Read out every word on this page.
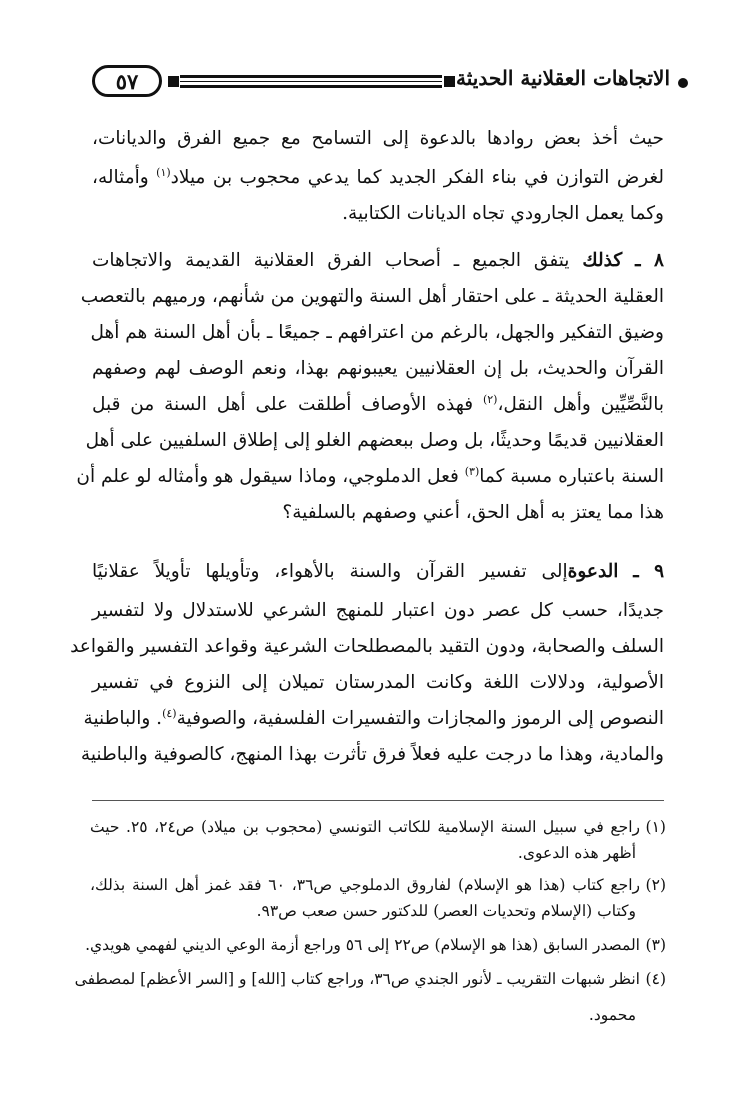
٥٧	الاتجاهات العقلانية الحديثة
حيث أخذ بعض روادها بالدعوة إلى التسامح مع جميع الفرق والديانات،
لغرض التوازن في بناء الفكر الجديد كما يدعي محجوب بن ميلاد$^{(١)}$ وأمثاله،
وكما يعمل الجارودي تجاه الديانات الكتابية.
٨ ـ كذلك يتفق الجميع ـ أصحاب الفرق العقلانية القديمة والاتجاهات
العقلية الحديثة ـ على احتقار أهل السنة والتهوين من شأنهم، ورميهم بالتعصب
وضيق التفكير والجهل، بالرغم من اعترافهم ـ جميعًا ـ بأن أهل السنة هم أهل
القرآن والحديث، بل إن العقلانيين يعيبونهم بهذا، ونعم الوصف لهم وصفهم
بالنَّصِّيِّين وأهل النقل،$^{(٢)}$ فهذه الأوصاف أطلقت على أهل السنة من قبل
العقلانيين قديمًا وحديثًا، بل وصل ببعضهم الغلو إلى إطلاق السلفيين على أهل
السنة باعتباره مسبة كما$^{(٣)}$ فعل الدملوجي، وماذا سيقول هو وأمثاله لو علم أن
هذا مما يعتز به أهل الحق، أعني وصفهم بالسلفية؟
٩ ـ الدعوةإلى تفسير القرآن والسنة بالأهواء، وتأويلها تأويلاً عقلانيًا
جديدًا، حسب كل عصر دون اعتبار للمنهج الشرعي للاستدلال ولا لتفسير
السلف والصحابة، ودون التقيد بالمصطلحات الشرعية وقواعد التفسير والقواعد
الأصولية، ودلالات اللغة وكانت المدرستان تميلان إلى النزوع في تفسير
النصوص إلى الرموز والمجازات والتفسيرات الفلسفية، والصوفية$^{(٤)}$. والباطنية
والمادية، وهذا ما درجت عليه فعلاً فرق تأثرت بهذا المنهج، كالصوفية والباطنية
(١)راجع في سبيل السنة الإسلامية للكاتب التونسي (محجوب بن ميلاد) ص٢٤، ٢٥. حيث
أظهر هذه الدعوى.
(٢)راجع كتاب (هذا هو الإسلام) لفاروق الدملوجي ص٣٦، ٦٠ فقد غمز أهل السنة بذلك،
وكتاب (الإسلام وتحديات العصر) للدكتور حسن صعب ص٩٣.
(٣)المصدر السابق (هذا هو الإسلام) ص٢٢ إلى ٥٦ وراجع أزمة الوعي الديني لفهمي هويدي.
(٤)انظر شبهات التقريب ـ لأنور الجندي ص٣٦، وراجع كتاب [الله] و [السر الأعظم] لمصطفى
محمود.
